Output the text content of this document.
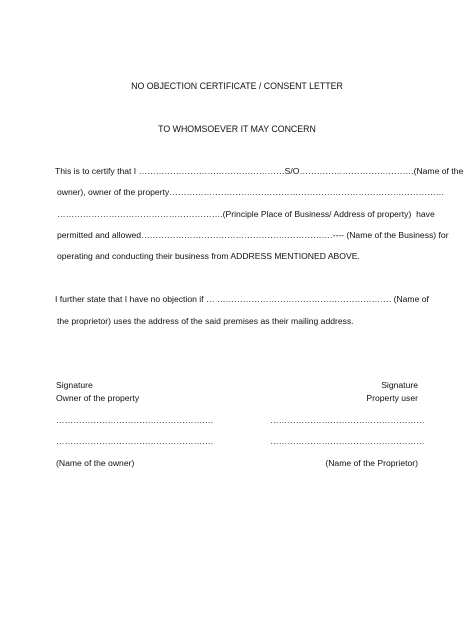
NO OBJECTION CERTIFICATE / CONSENT LETTER
TO WHOMSOEVER IT MAY CONCERN
This is to certify that I ……………………………………………S/O………………………………….(Name of the
owner), owner of the property……………………………………………………………………………………
………………………………………………….(Principle Place of Business/ Address of property)  have
permitted and allowed………………………………………………………….---- (Name of the Business) for
operating and conducting their business from ADDRESS MENTIONED ABOVE.
I further state that I have no objection if … ……………………………………………………. (Name of
the proprietor) uses the address of the said premises as their mailing address.
Signature
Owner of the property
……………………………………………….
……………………………………………….
(Name of the owner)
Signature
Property user
………………………………………………
………………………………………………
(Name of the Proprietor)
